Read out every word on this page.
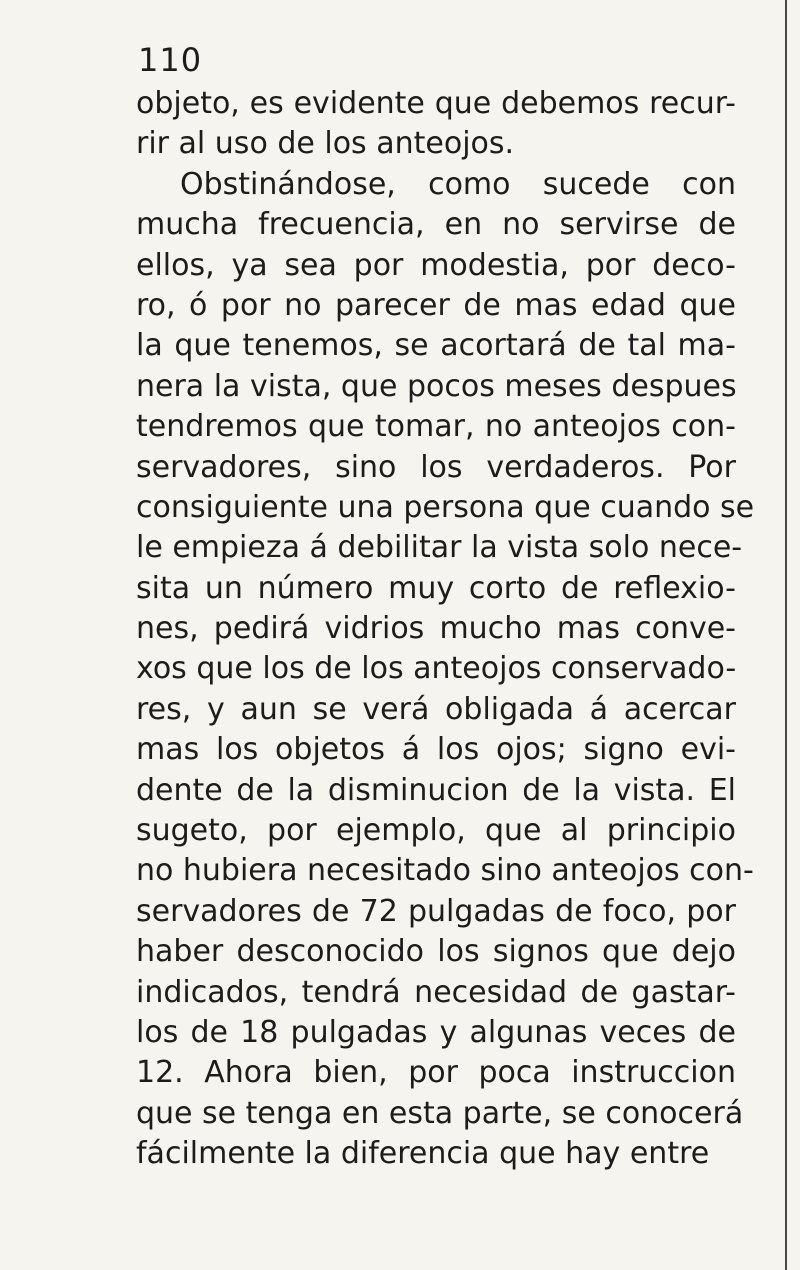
110
objeto, es evidente que debemos recur-
rir al uso de los anteojos.
Obstinándose, como sucede con
mucha frecuencia, en no servirse de
ellos, ya sea por modestia, por deco-
ro, ó por no parecer de mas edad que
la que tenemos, se acortará de tal ma-
nera la vista, que pocos meses despues
tendremos que tomar, no anteojos con-
servadores, sino los verdaderos. Por
consiguiente una persona que cuando se
le empieza á debilitar la vista solo nece-
sita un número muy corto de reflexio-
nes, pedirá vidrios mucho mas conve-
xos que los de los anteojos conservado-
res, y aun se verá obligada á acercar
mas los objetos á los ojos; signo evi-
dente de la disminucion de la vista. El
sugeto, por ejemplo, que al principio
no hubiera necesitado sino anteojos con-
servadores de 72 pulgadas de foco, por
haber desconocido los signos que dejo
indicados, tendrá necesidad de gastar-
los de 18 pulgadas y algunas veces de
12. Ahora bien, por poca instruccion
que se tenga en esta parte, se conocerá
fácilmente la diferencia que hay entre
